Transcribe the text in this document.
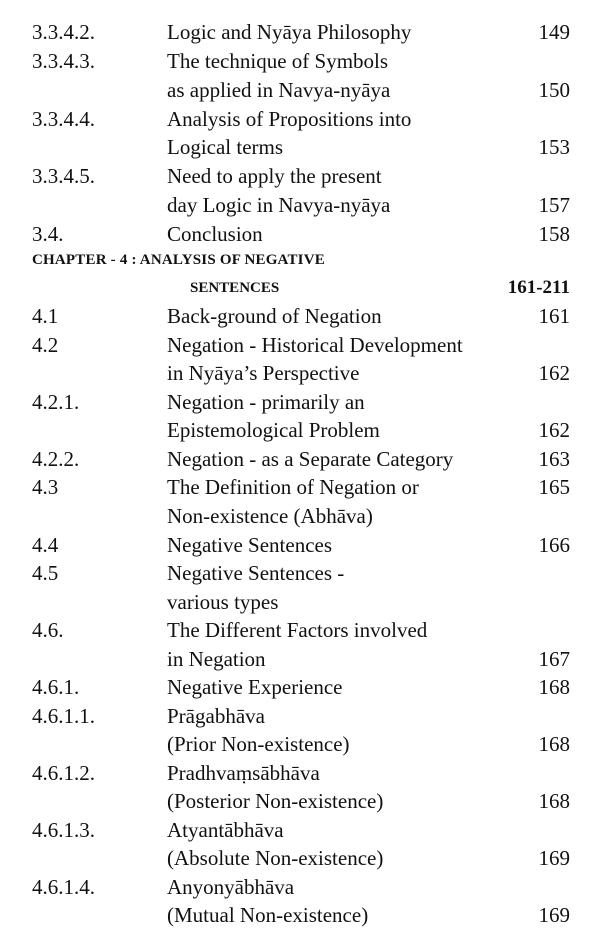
3.3.4.2.	Logic and Nyāya Philosophy	149
3.3.4.3.	The technique of Symbols
as applied in Navya-nyāya	150
3.3.4.4.	Analysis of Propositions into
Logical terms	153
3.3.4.5.	Need to apply the present
day Logic in Navya-nyāya	157
3.4.	Conclusion	158
CHAPTER - 4 : ANALYSIS OF NEGATIVE
SENTENCES	161-211
4.1	Back-ground of Negation	161
4.2	Negation - Historical Development
in Nyāya’s Perspective	162
4.2.1.	Negation - primarily an
Epistemological Problem	162
4.2.2.	Negation - as a Separate Category	163
4.3	The Definition of Negation or	165
Non-existence (Abhāva)
4.4	Negative Sentences	166
4.5	Negative Sentences -
various types
4.6.	The Different Factors involved
in Negation	167
4.6.1.	Negative Experience	168
4.6.1.1.	Prāgabhāva
(Prior Non-existence)	168
4.6.1.2.	Pradhvaṃsābhāva
(Posterior Non-existence)	168
4.6.1.3.	Atyantābhāva
(Absolute Non-existence)	169
4.6.1.4.	Anyonyābhāva
(Mutual Non-existence)	169
